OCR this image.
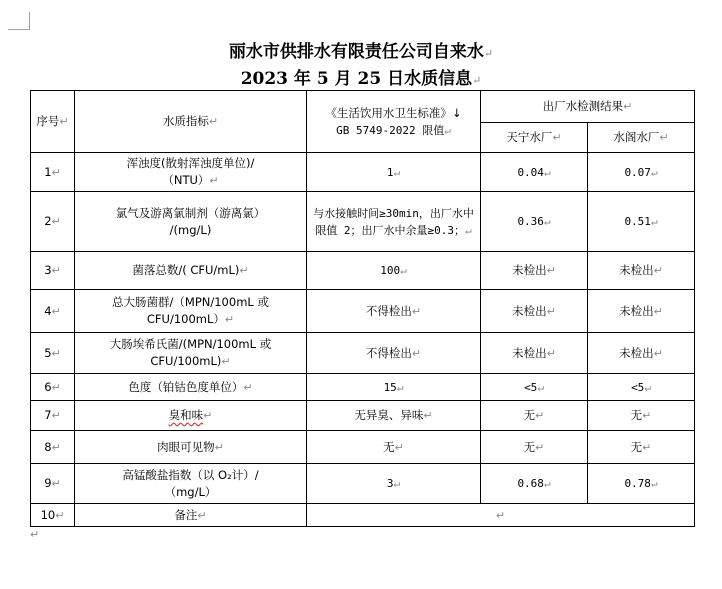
丽水市供排水有限责任公司自来水↵
2023 年 5 月 25 日水质信息↵
序号↵	水质指标↵	《生活饮用水卫生标准》↓
GB 5749-2022 限值↵	出厂水检测结果↵	
			天宁水厂↵	水阁水厂↵
1↵	浑浊度(散射浑浊度单位)/
（NTU）↵	1↵	0.04↵	0.07↵
2↵	氯气及游离氯制剂（游离氯）
/(mg/L)	与水接触时间≥30min，出厂水中限值 2；出厂水中余量≥0.3；↵	0.36↵	0.51↵
3↵	菌落总数/( CFU/mL)↵	100↵	未检出↵	未检出↵
4↵	总大肠菌群/（MPN/100mL 或
CFU/100mL）↵	不得检出↵	未检出↵	未检出↵
5↵	大肠埃希氏菌/(MPN/100mL 或
CFU/100mL)↵	不得检出↵	未检出↵	未检出↵
6↵	色度（铂钴色度单位）↵	15↵	<5↵	<5↵
7↵	臭和味↵	无异臭、异味↵	无↵	无↵
8↵	肉眼可见物↵	无↵	无↵	无↵
9↵	高锰酸盐指数（以 O₂计）/
（mg/L）	3↵	0.68↵	0.78↵
10↵	备注↵	↵		
↵
